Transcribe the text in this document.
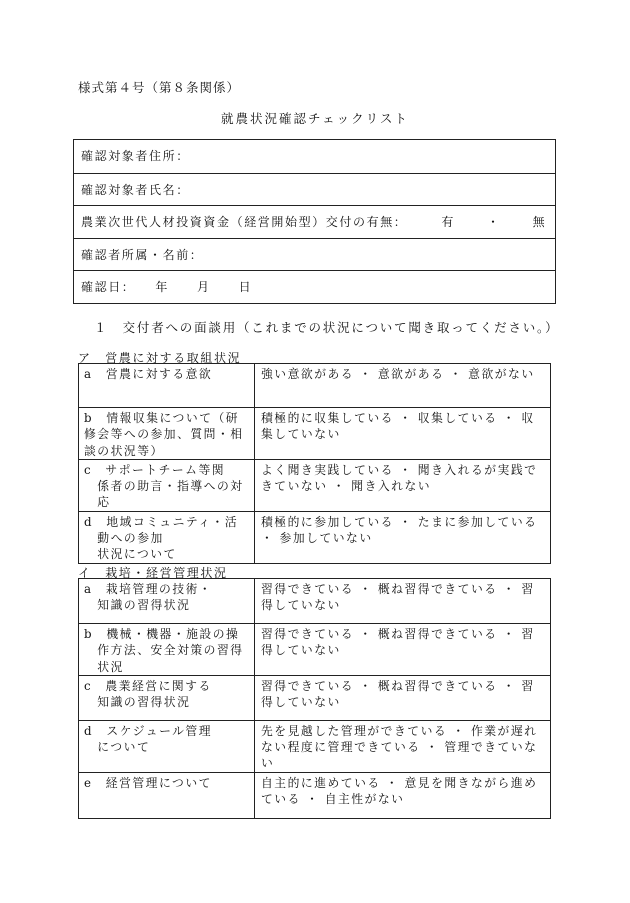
様式第４号（第８条関係）
就農状況確認チェックリスト
確認対象者住所：
確認対象者氏名：
農業次世代人材投資資金（経営開始型）交付の有無：	有	・	無
確認者所属・名前：
確認日： 年 月 日
１　交付者への面談用（これまでの状況について聞き取ってください。）
ア　営農に対する取組状況
a　営農に対する意欲	強い意欲がある ・ 意欲がある ・ 意欲がない
b　情報収集について（研修会等への参加、質問・相談の状況等）	積極的に収集している ・ 収集している ・ 収集していない
c　サポートチーム等関
　係者の助言・指導への対
　応	よく聞き実践している ・ 聞き入れるが実践できていない ・ 聞き入れない
d　地域コミュニティ・活
　動への参加
　状況について	積極的に参加している ・ たまに参加している ・ 参加していない
イ　栽培・経営管理状況
a　栽培管理の技術・
　知識の習得状況	習得できている ・ 概ね習得できている ・ 習得していない
b　機械・機器・施設の操
　作方法、安全対策の習得
　状況	習得できている ・ 概ね習得できている ・ 習得していない
c　農業経営に関する
　知識の習得状況	習得できている ・ 概ね習得できている ・ 習得していない
d　スケジュール管理
　について	先を見越した管理ができている ・ 作業が遅れない程度に管理できている ・ 管理できていない
e　経営管理について	自主的に進めている ・ 意見を聞きながら進めている ・ 自主性がない
